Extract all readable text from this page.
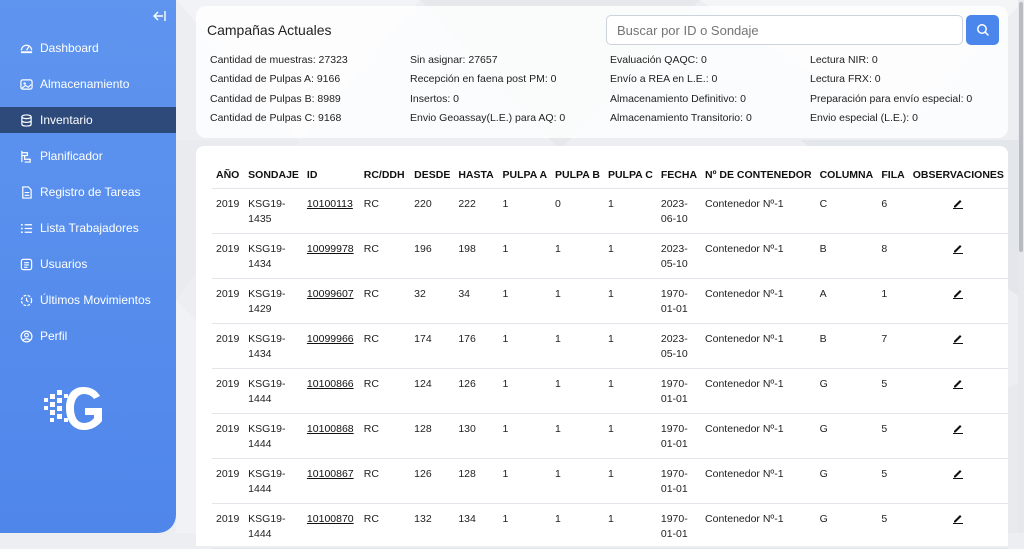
Dashboard
Almacenamiento
Inventario
Planificador
Registro de Tareas
Lista Trabajadores
Usuarios
Últimos Movimientos
Perfil
Campañas Actuales
Buscar por ID o Sondaje
Cantidad de muestras: 27323
Cantidad de Pulpas A: 9166
Cantidad de Pulpas B: 8989
Cantidad de Pulpas C: 9168
Sin asignar: 27657
Recepción en faena post PM: 0
Insertos: 0
Envio Geoassay(L.E.) para AQ: 0
Evaluación QAQC: 0
Envío a REA en L.E.: 0
Almacenamiento Definitivo: 0
Almacenamiento Transitorio: 0
Lectura NIR: 0
Lectura FRX: 0
Preparación para envío especial: 0
Envio especial (L.E.): 0
AÑO	SONDAJE	ID	RC/DDH	DESDE	HASTA	PULPA A	PULPA B	PULPA C	FECHA	Nº DE CONTENEDOR	COLUMNA	FILA	OBSERVACIONES
2019	KSG19-1435	10100113	RC	220	222	1	0	1	2023-06-10	Contenedor Nº-1	C	6	
2019	KSG19-1434	10099978	RC	196	198	1	1	1	2023-05-10	Contenedor Nº-1	B	8	
2019	KSG19-1429	10099607	RC	32	34	1	1	1	1970-01-01	Contenedor Nº-1	A	1	
2019	KSG19-1434	10099966	RC	174	176	1	1	1	2023-05-10	Contenedor Nº-1	B	7	
2019	KSG19-1444	10100866	RC	124	126	1	1	1	1970-01-01	Contenedor Nº-1	G	5	
2019	KSG19-1444	10100868	RC	128	130	1	1	1	1970-01-01	Contenedor Nº-1	G	5	
2019	KSG19-1444	10100867	RC	126	128	1	1	1	1970-01-01	Contenedor Nº-1	G	5	
2019	KSG19-1444	10100870	RC	132	134	1	1	1	1970-01-01	Contenedor Nº-1	G	5	
